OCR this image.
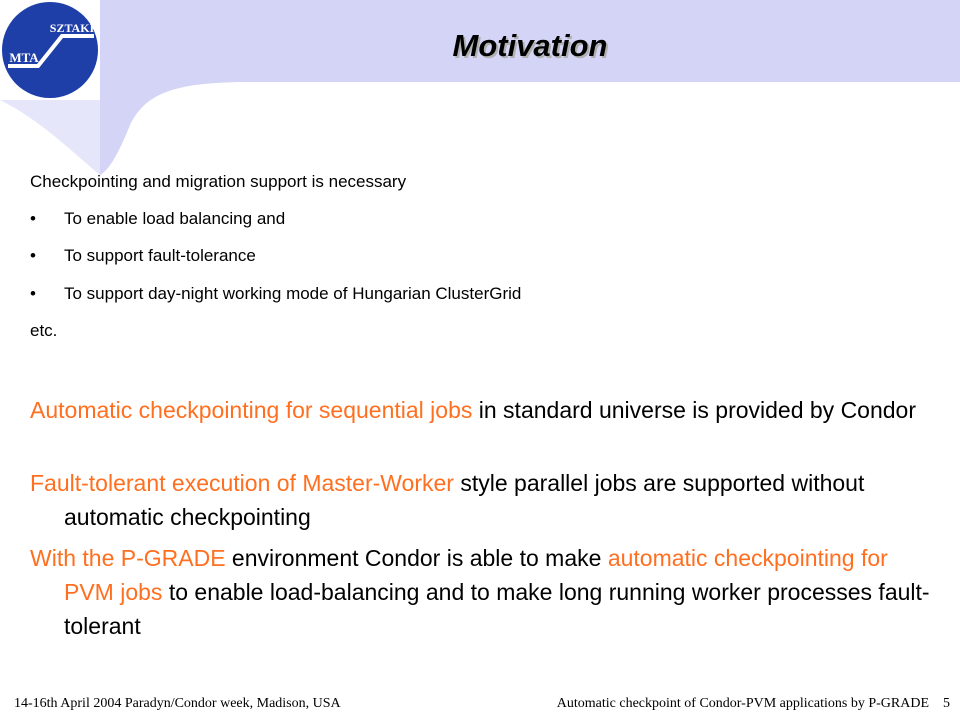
MTA
SZTAKI	Motivation
Checkpointing and migration support is necessary
• To enable load balancing and
• To support fault-tolerance
• To support day-night working mode of Hungarian ClusterGrid
etc.
Automatic checkpointing for sequential jobs in standard universe is provided by Condor
Fault-tolerant execution of Master-Worker style parallel jobs are supported without automatic checkpointing
With the P-GRADE environment Condor is able to make automatic checkpointing for PVM jobs to enable load-balancing and to make long running worker processes fault-tolerant
14-16th April 2004 Paradyn/Condor week, Madison, USA	Automatic checkpoint of Condor-PVM applications by P-GRADE 5
